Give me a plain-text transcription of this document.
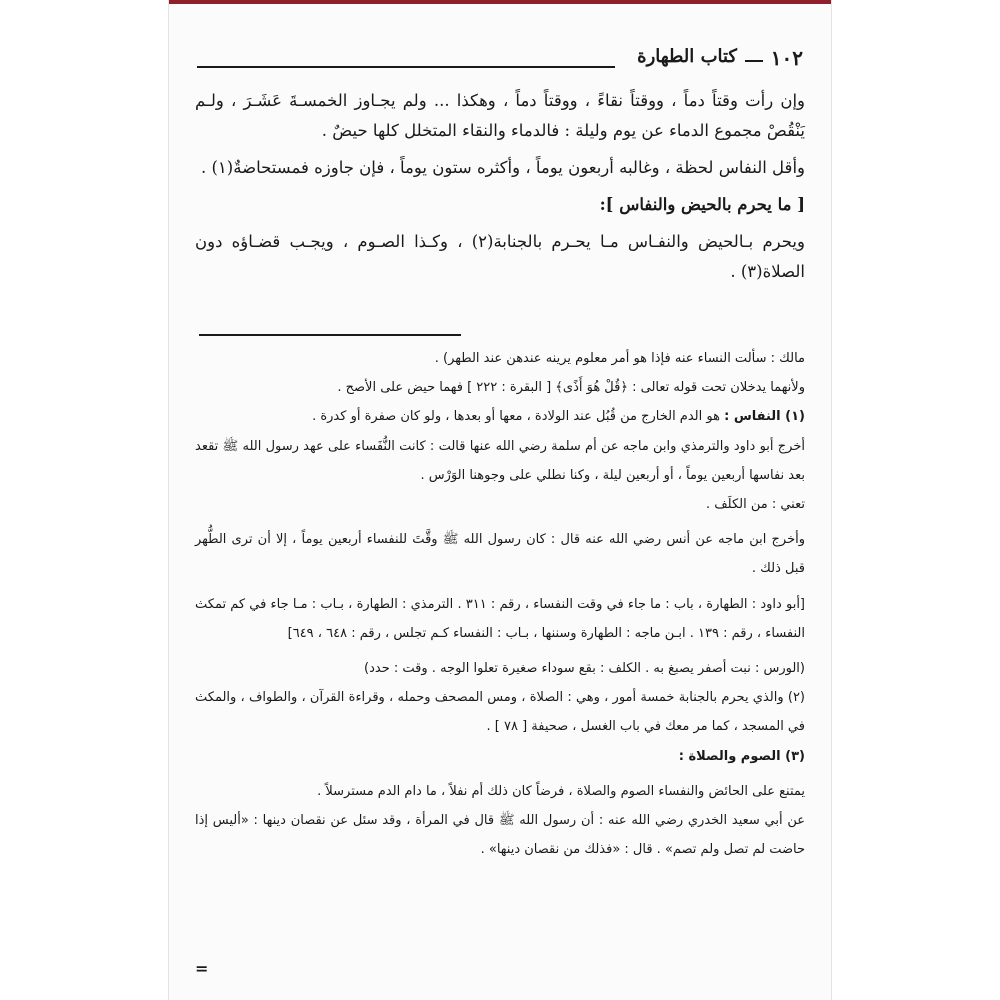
١٠٢
كتاب الطهارة

وإن رأت وقتاً دماً ، ووقتاً نقاءً ، ووقتاً دماً ، وهكذا ... ولم يجـاوز الخمسـةَ عَشَـرَ ، ولـم يَنْقُصْ مجموع الدماء عن يوم وليلة : فالدماء والنقاء المتخلل كلها حيضٌ .

وأقل النفاس لحظة ، وغالبه أربعون يوماً ، وأكثره ستون يوماً ، فإن جاوزه فمستحاضةٌ(١) .

[ ما يحرم بالحيض والنفاس ]:

ويحرم بـالحيض والنفـاس مـا يحـرم بالجنابة(٢) ، وكـذا الصـوم ، ويجـب قضـاؤه دون الصلاة(٣) .

مالك : سألت النساء عنه فإذا هو أمر معلوم يرينه عندهن عند الطهر) .

ولأنهما يدخلان تحت قوله تعالى : ﴿قُلْ هُوَ أَذًى﴾ [ البقرة : ٢٢٢ ] فهما حيض على الأصح .

(١) النفاس : هو الدم الخارج من قُبُل عند الولادة ، معها أو بعدها ، ولو كان صفرة أو كدرة .

أخرج أبو داود والترمذي وابن ماجه عن أم سلمة رضي الله عنها قالت : كانت النُّفَساء على عهد رسول الله ﷺ تقعد بعد نفاسها أربعين يوماً ، أو أربعين ليلة ، وكنا نطلي على وجوهنا الوَرْس .

تعني : من الكلَف .

وأخرج ابن ماجه عن أنس رضي الله عنه قال : كان رسول الله ﷺ وقَّتَ للنفساء أربعين يوماً ، إلا أن ترى الطُّهر قبل ذلك .

[أبو داود : الطهارة ، باب : ما جاء في وقت النفساء ، رقم : ٣١١ . الترمذي : الطهارة ، بـاب : مـا جاء في كم تمكث النفساء ، رقم : ١٣٩ . ابـن ماجه : الطهارة وسننها ، بـاب : النفساء كـم تجلس ، رقم : ٦٤٨ ، ٦٤٩]

(الورس : نبت أصفر يصبغ به . الكلف : بقع سوداء صغيرة تعلوا الوجه . وقت : حدد)

(٢) والذي يحرم بالجنابة خمسة أمور ، وهي : الصلاة ، ومس المصحف وحمله ، وقراءة القرآن ، والطواف ، والمكث في المسجد ، كما مر معك في باب الغسل ، صحيفة [ ٧٨ ] .

(٣) الصوم والصلاة :

يمتنع على الحائض والنفساء الصوم والصلاة ، فرضاً كان ذلك أم نفلاً ، ما دام الدم مسترسلاً .

عن أبي سعيد الخدري رضي الله عنه : أن رسول الله ﷺ قال في المرأة ، وقد سئل عن نقصان دينها : «أليس إذا حاضت لم تصل ولم تصم» . قال : «فذلك من نقصان دينها» .

=
